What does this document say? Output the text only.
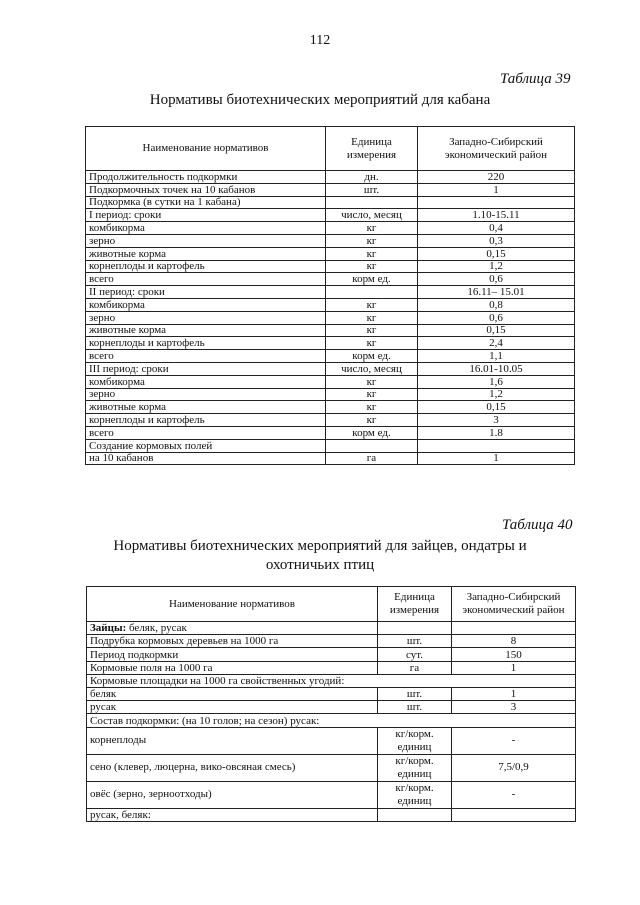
112
Таблица 39
Нормативы биотехнических мероприятий для кабана
Наименование нормативов	Единица измерения	Западно-Сибирский экономический район
Продолжительность подкормки	дн.	220
Подкормочных точек на 10 кабанов	шт.	1
Подкормка (в сутки на 1 кабана)		
I период: сроки	число, месяц	1.10-15.11
комбикорма	кг	0,4
зерно	кг	0,3
животные корма	кг	0,15
корнеплоды и картофель	кг	1,2
всего	корм ед.	0,6
II период: сроки		16.11– 15.01
комбикорма	кг	0,8
зерно	кг	0,6
животные корма	кг	0,15
корнеплоды и картофель	кг	2,4
всего	корм ед.	1,1
III период: сроки	число, месяц	16.01-10.05
комбикорма	кг	1,6
зерно	кг	1,2
животные корма	кг	0,15
корнеплоды и картофель	кг	3
всего	корм ед.	1.8
Создание кормовых полей		
на 10 кабанов	га	1
Таблица 40
Нормативы биотехнических мероприятий для зайцев, ондатры и
охотничьих птиц
Наименование нормативов	Единица измерения	Западно-Сибирский экономический район
Зайцы: беляк, русак		
Подрубка кормовых деревьев на 1000 га	шт.	8
Период подкормки	сут.	150
Кормовые поля на 1000 га	га	1
Кормовые площадки на 1000 га свойственных угодий:		
беляк	шт.	1
русак	шт.	3
Состав подкормки: (на 10 голов; на сезон) русак:		
корнеплоды	кг/корм. единиц	-
сено (клевер, люцерна, вико-овсяная смесь)	кг/корм. единиц	7,5/0,9
овёс (зерно, зерноотходы)	кг/корм. единиц	-
русак, беляк:		
